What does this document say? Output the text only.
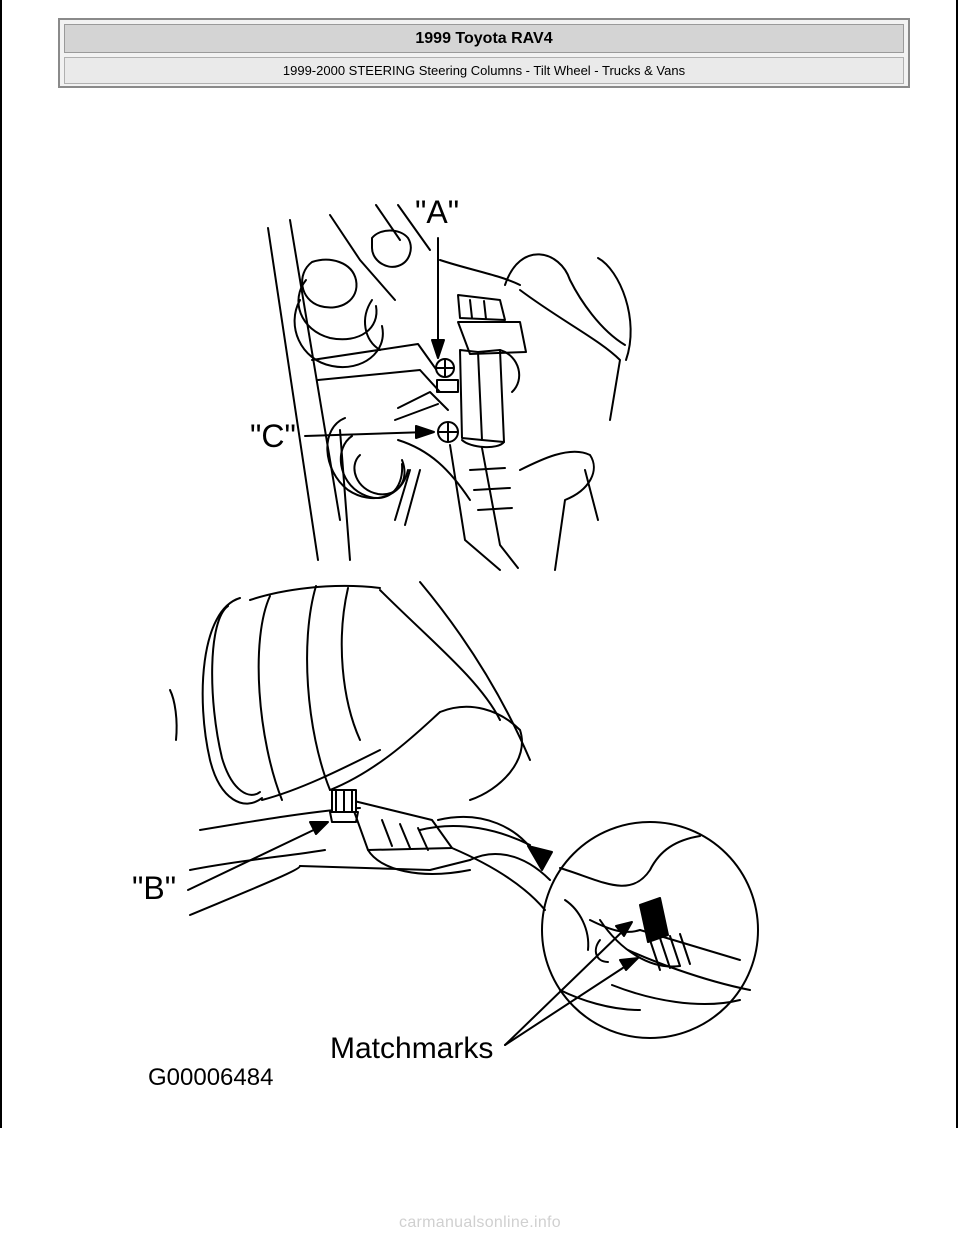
1999 Toyota RAV4
1999-2000 STEERING Steering Columns - Tilt Wheel - Trucks & Vans
"A"
"C"
"B"
Matchmarks
G00006484
carmanualsonline.info
